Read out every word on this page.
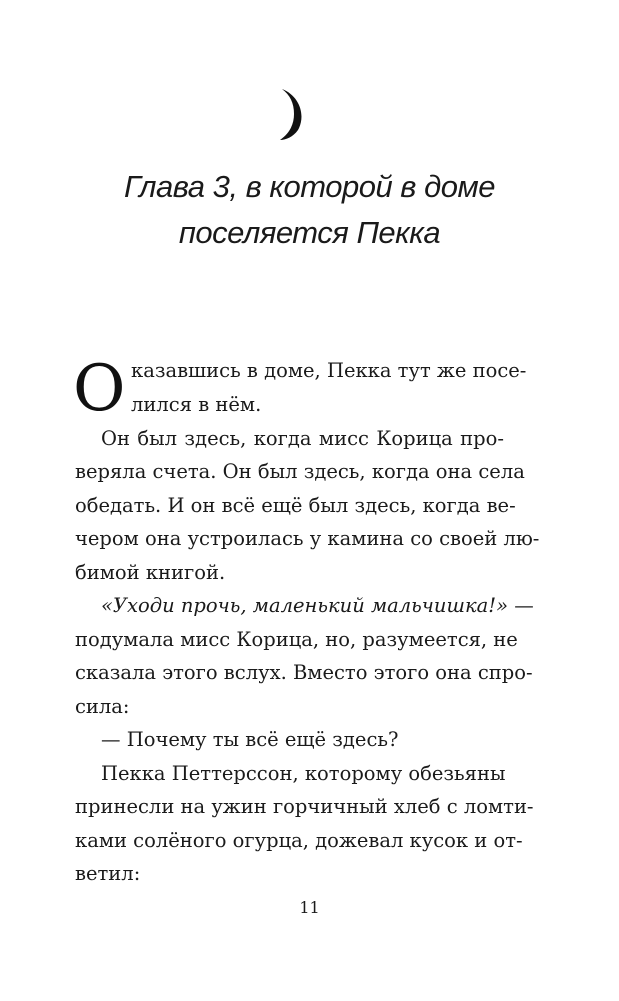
Глава 3, в которой в доме
поселяется Пекка
О казавшись в доме, Пекка тут же посе-
лился в нём.
Он был здесь, когда мисс Корица про-
веряла счета. Он был здесь, когда она села
обедать. И он всё ещё был здесь, когда ве-
чером она устроилась у камина со своей лю-
бимой книгой.
«Уходи прочь, маленький мальчишка!» —
подумала мисс Корица, но, разумеется, не
сказала этого вслух. Вместо этого она спро-
сила:
— Почему ты всё ещё здесь?
Пекка Петтерссон, которому обезьяны
принесли на ужин горчичный хлеб с ломти-
ками солёного огурца, дожевал кусок и от-
ветил:
11
